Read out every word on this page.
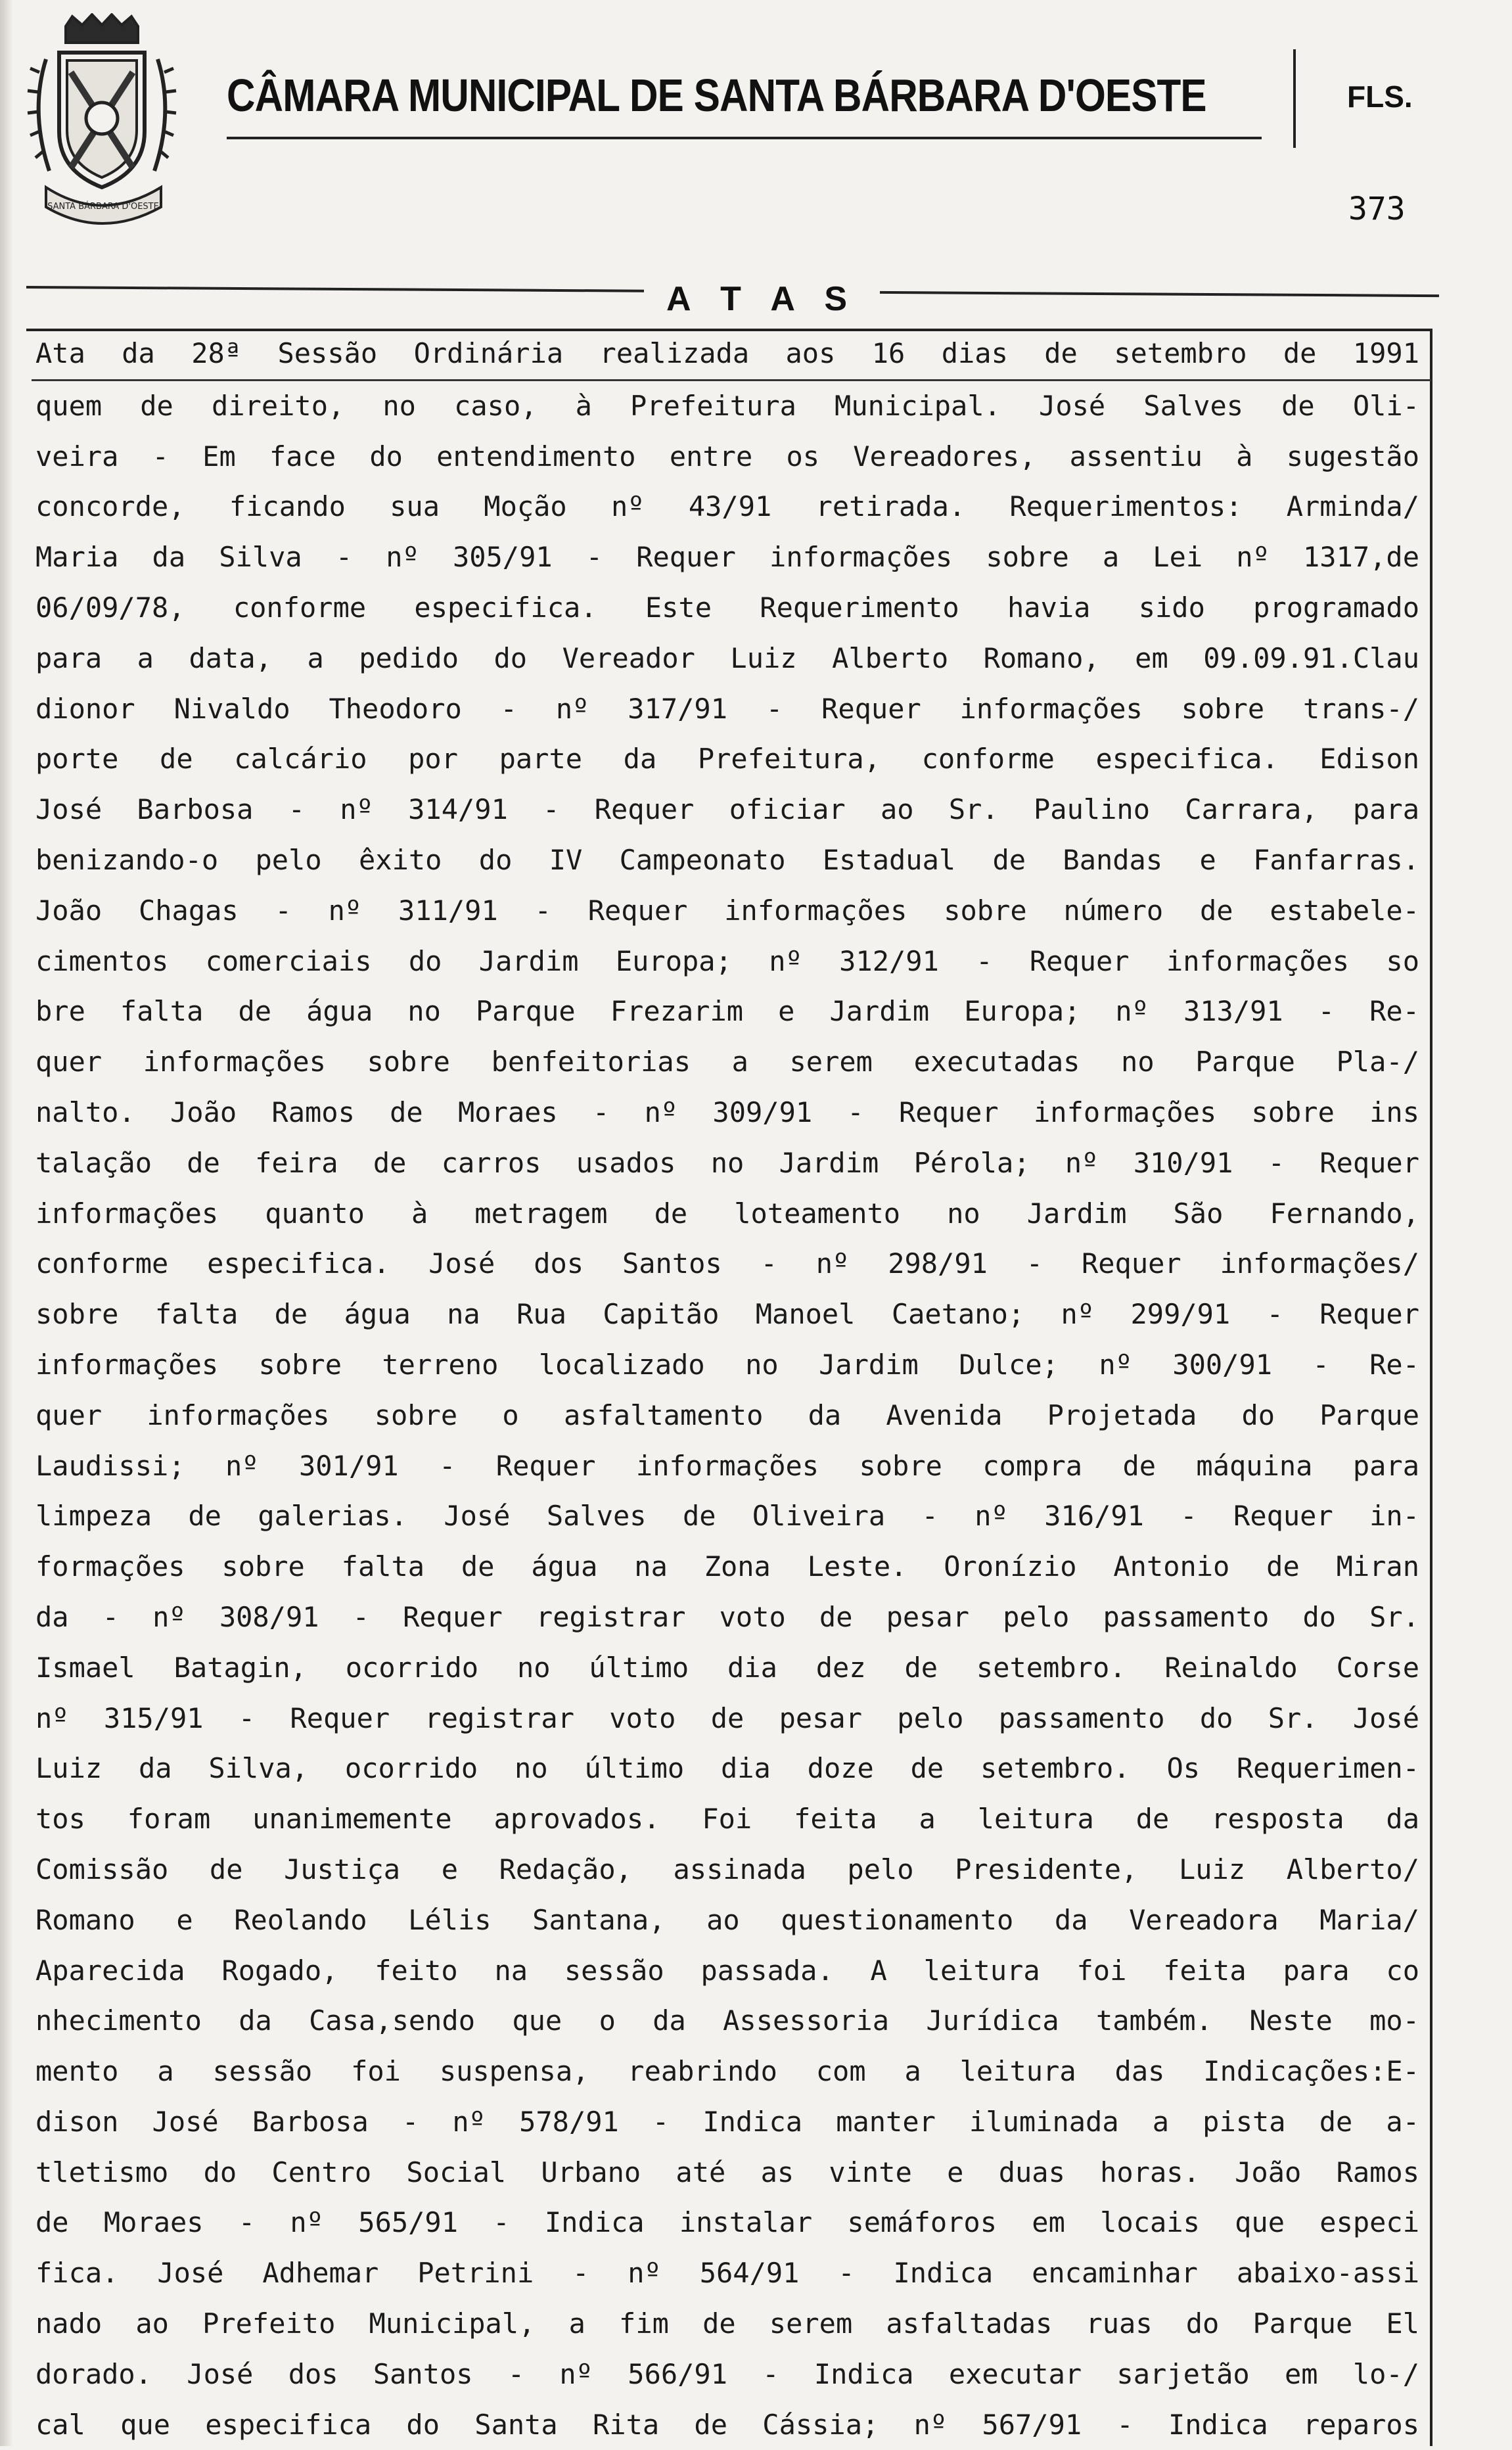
SANTA BÁRBARA D'OESTE
CÂMARA MUNICIPAL DE SANTA BÁRBARA D'OESTE	FLS.
373
A T A S
Ata da 28ª Sessão Ordinária realizada aos 16 dias de setembro de 1991
quem de direito, no caso, à Prefeitura Municipal. José Salves de Oli-
veira - Em face do entendimento entre os Vereadores, assentiu à sugestão
concorde, ficando sua Moção nº 43/91 retirada. Requerimentos: Arminda/
Maria da Silva - nº 305/91 - Requer informações sobre a Lei nº 1317,de
06/09/78, conforme especifica. Este Requerimento havia sido programado
para a data, a pedido do Vereador Luiz Alberto Romano, em 09.09.91.Clau
dionor Nivaldo Theodoro - nº 317/91 - Requer informações sobre trans-/
porte de calcário por parte da Prefeitura, conforme especifica. Edison
José Barbosa - nº 314/91 - Requer oficiar ao Sr. Paulino Carrara, para
benizando-o pelo êxito do IV Campeonato Estadual de Bandas e Fanfarras.
João Chagas - nº 311/91 - Requer informações sobre número de estabele-
cimentos comerciais do Jardim Europa; nº 312/91 - Requer informações so
bre falta de água no Parque Frezarim e Jardim Europa; nº 313/91 - Re-
quer informações sobre benfeitorias a serem executadas no Parque Pla-/
nalto. João Ramos de Moraes - nº 309/91 - Requer informações sobre ins
talação de feira de carros usados no Jardim Pérola; nº 310/91 - Requer
informações quanto à metragem de loteamento no Jardim São Fernando,
conforme especifica. José dos Santos - nº 298/91 - Requer informações/
sobre falta de água na Rua Capitão Manoel Caetano; nº 299/91 - Requer
informações sobre terreno localizado no Jardim Dulce; nº 300/91 - Re-
quer informações sobre o asfaltamento da Avenida Projetada do Parque
Laudissi; nº 301/91 - Requer informações sobre compra de máquina para
limpeza de galerias. José Salves de Oliveira - nº 316/91 - Requer in-
formações sobre falta de água na Zona Leste. Oronízio Antonio de Miran
da - nº 308/91 - Requer registrar voto de pesar pelo passamento do Sr.
Ismael Batagin, ocorrido no último dia dez de setembro. Reinaldo Corse
nº 315/91 - Requer registrar voto de pesar pelo passamento do Sr. José
Luiz da Silva, ocorrido no último dia doze de setembro. Os Requerimen-
tos foram unanimemente aprovados. Foi feita a leitura de resposta da
Comissão de Justiça e Redação, assinada pelo Presidente, Luiz Alberto/
Romano e Reolando Lélis Santana, ao questionamento da Vereadora Maria/
Aparecida Rogado, feito na sessão passada. A leitura foi feita para co
nhecimento da Casa,sendo que o da Assessoria Jurídica também. Neste mo-
mento a sessão foi suspensa, reabrindo com a leitura das Indicações:E-
dison José Barbosa - nº 578/91 - Indica manter iluminada a pista de a-
tletismo do Centro Social Urbano até as vinte e duas horas. João Ramos
de Moraes - nº 565/91 - Indica instalar semáforos em locais que especi
fica. José Adhemar Petrini - nº 564/91 - Indica encaminhar abaixo-assi
nado ao Prefeito Municipal, a fim de serem asfaltadas ruas do Parque El
dorado. José dos Santos - nº 566/91 - Indica executar sarjetão em lo-/
cal que especifica do Santa Rita de Cássia; nº 567/91 - Indica reparos
